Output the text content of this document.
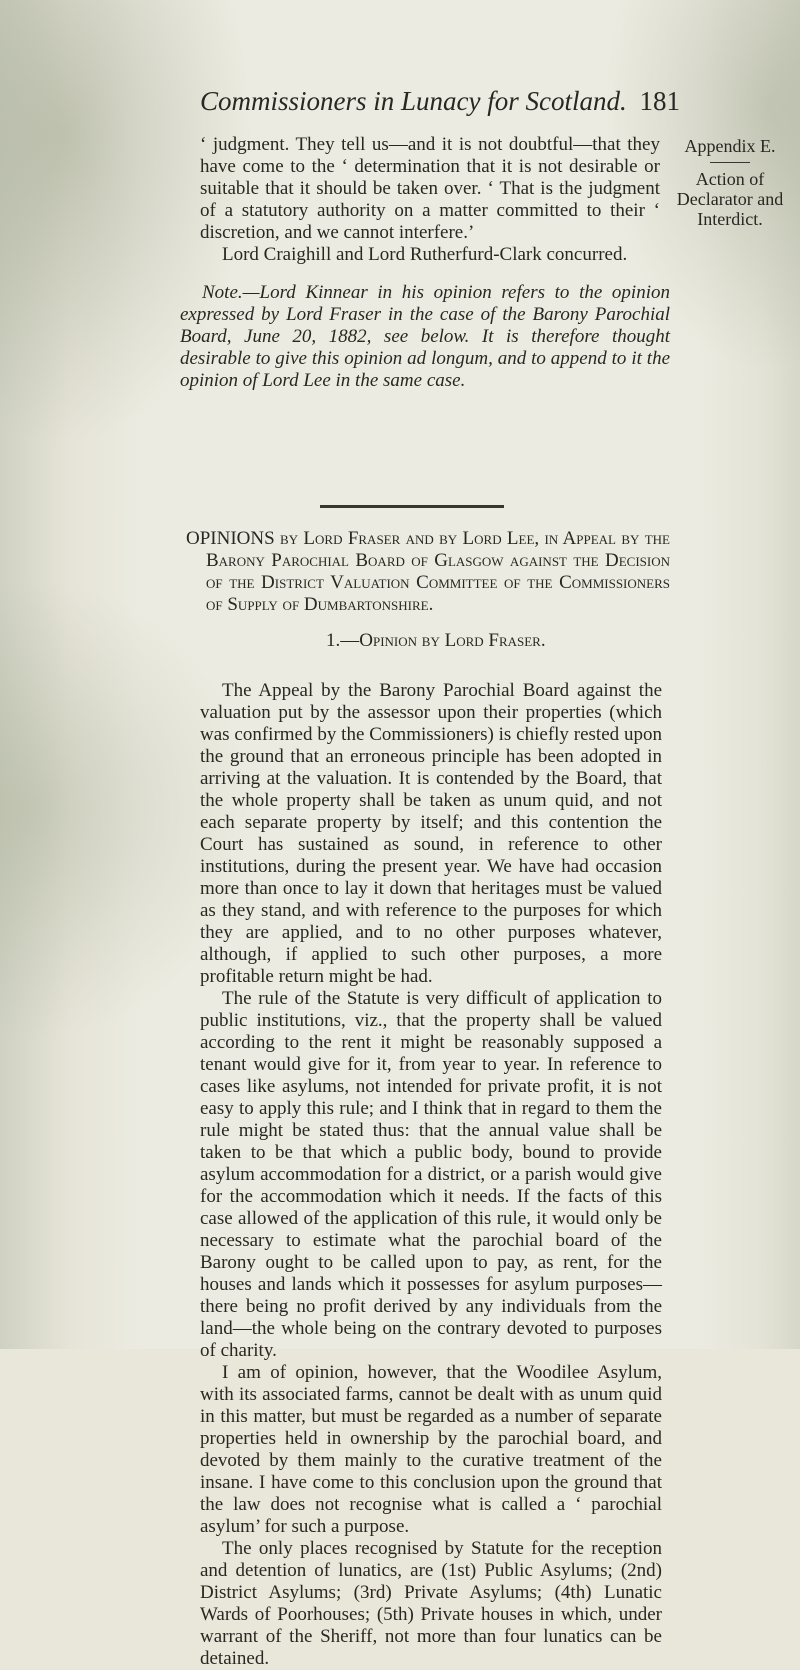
Commissioners in Lunacy for Scotland. 181
Appendix E.
Action of
Declarator and
Interdict.

‘ judgment. They tell us—and it is not doubtful—that they have come to the ‘ determination that it is not desirable or suitable that it should be taken over. ‘ That is the judgment of a statutory authority on a matter committed to their ‘ discretion, and we cannot interfere.’

Lord Craighill and Lord Rutherfurd-Clark concurred.

Note.—Lord Kinnear in his opinion refers to the opinion expressed by Lord Fraser in the case of the Barony Parochial Board, June 20, 1882, see below. It is therefore thought desirable to give this opinion ad longum, and to append to it the opinion of Lord Lee in the same case.

OPINIONS by Lord Fraser and by Lord Lee, in Appeal by the Barony Parochial Board of Glasgow against the Decision of the District Valuation Committee of the Commissioners of Supply of Dumbartonshire.
1.—Opinion by Lord Fraser.

The Appeal by the Barony Parochial Board against the valuation put by the assessor upon their properties (which was confirmed by the Commissioners) is chiefly rested upon the ground that an erroneous principle has been adopted in arriving at the valuation. It is contended by the Board, that the whole property shall be taken as unum quid, and not each separate property by itself; and this contention the Court has sustained as sound, in reference to other institutions, during the present year. We have had occasion more than once to lay it down that heritages must be valued as they stand, and with reference to the purposes for which they are applied, and to no other purposes whatever, although, if applied to such other purposes, a more profitable return might be had.

The rule of the Statute is very difficult of application to public institutions, viz., that the property shall be valued according to the rent it might be reasonably supposed a tenant would give for it, from year to year. In reference to cases like asylums, not intended for private profit, it is not easy to apply this rule; and I think that in regard to them the rule might be stated thus: that the annual value shall be taken to be that which a public body, bound to provide asylum accommodation for a district, or a parish would give for the accommodation which it needs. If the facts of this case allowed of the application of this rule, it would only be necessary to estimate what the parochial board of the Barony ought to be called upon to pay, as rent, for the houses and lands which it possesses for asylum purposes—there being no profit derived by any individuals from the land—the whole being on the contrary devoted to purposes of charity.

I am of opinion, however, that the Woodilee Asylum, with its associated farms, cannot be dealt with as unum quid in this matter, but must be regarded as a number of separate properties held in ownership by the parochial board, and devoted by them mainly to the curative treatment of the insane. I have come to this conclusion upon the ground that the law does not recognise what is called a ‘ parochial asylum’ for such a purpose.

The only places recognised by Statute for the reception and detention of lunatics, are (1st) Public Asylums; (2nd) District Asylums; (3rd) Private Asylums; (4th) Lunatic Wards of Poorhouses; (5th) Private houses in which, under warrant of the Sheriff, not more than four lunatics can be detained.
